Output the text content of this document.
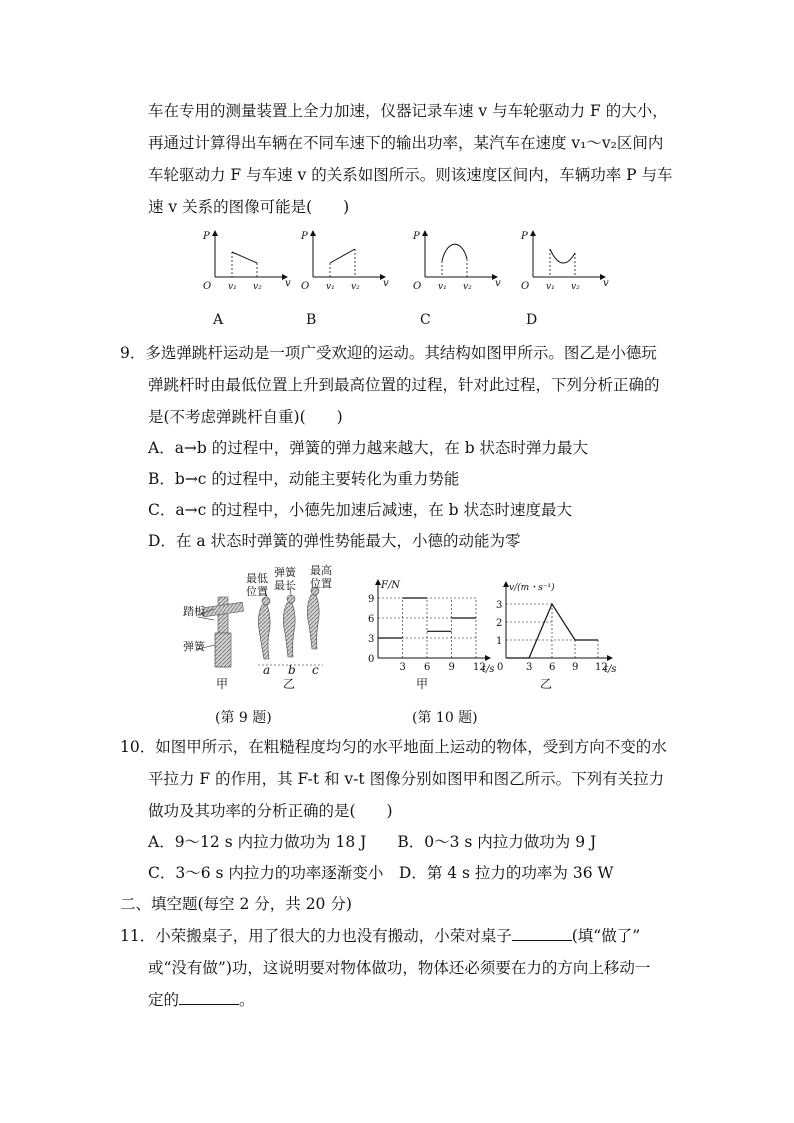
车在专用的测量装置上全力加速，仪器记录车速 v 与车轮驱动力 F 的大小，
再通过计算得出车辆在不同车速下的输出功率，某汽车在速度 v₁～v₂区间内
车轮驱动力 F 与车速 v 的关系如图所示。则该速度区间内，车辆功率 P 与车
速 v 关系的图像可能是(　　)
P
v
O v₁ v₂
P
v
O v₁ v₂
P
v
O v₁ v₂
P
v
O v₁ v₂
A	B	C	D
9．多选弹跳杆运动是一项广受欢迎的运动。其结构如图甲所示。图乙是小德玩
弹跳杆时由最低位置上升到最高位置的过程，针对此过程，下列分析正确的
是(不考虑弹跳杆自重)(　　)
A．a→b 的过程中，弹簧的弹力越来越大，在 b 状态时弹力最大
B．b→c 的过程中，动能主要转化为重力势能
C．a→c 的过程中，小德先加速后减速，在 b 状态时速度最大
D．在 a 状态时弹簧的弹性势能最大，小德的动能为零
踏板
弹簧
最低
位置
弹簧
最长
最高
位置
a b c
甲	乙
(第 9 题)
F/N
t/s
0
3 6 9 12
3
6
9
v/(m・s⁻¹)
t/s
0 3 6 9 12
1
2
3
甲	乙
(第 10 题)
10．如图甲所示，在粗糙程度均匀的水平地面上运动的物体，受到方向不变的水
平拉力 F 的作用，其 F-t 和 v-t 图像分别如图甲和图乙所示。下列有关拉力
做功及其功率的分析正确的是(　　)
A．9～12 s 内拉力做功为 18 J　　B．0～3 s 内拉力做功为 9 J
C．3～6 s 内拉力的功率逐渐变小　D．第 4 s 拉力的功率为 36 W
二、填空题(每空 2 分，共 20 分)
11．小荣搬桌子，用了很大的力也没有搬动，小荣对桌子	(填“做了”
或“没有做”)功，这说明要对物体做功，物体还必须要在力的方向上移动一
定的	。
